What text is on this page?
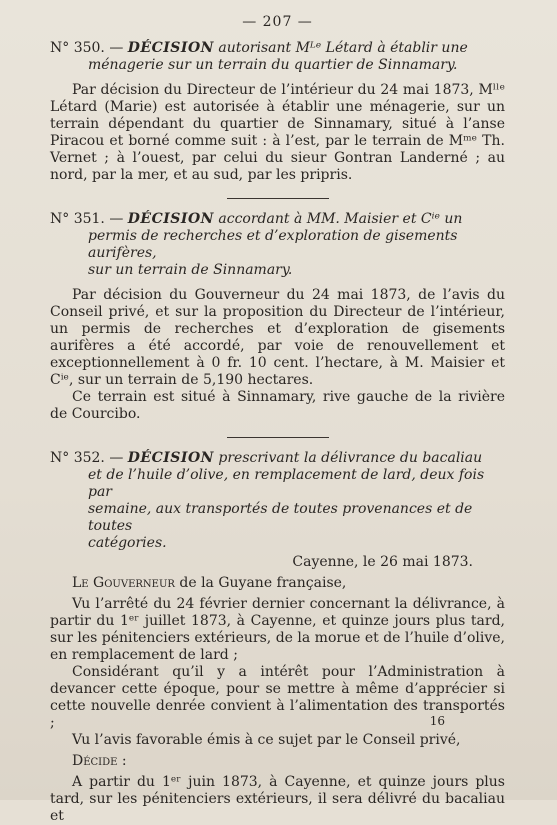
— 207 —
N° 350. — DÉCISION autorisant Mᴸᵉ Létard à établir une
ménagerie sur un terrain du quartier de Sinnamary.

Par décision du Directeur de l’intérieur du 24 mai 1873, Mˡˡᵉ Létard (Marie) est autorisée à établir une ménagerie, sur un terrain dépendant du quartier de Sinnamary, situé à l’anse Piracou et borné comme suit : à l’est, par le terrain de Mᵐᵉ Th. Vernet ; à l’ouest, par celui du sieur Gontran Landerné ; au nord, par la mer, et au sud, par les pripris.

N° 351. — DÉCISION accordant à MM. Maisier et Cⁱᵉ un
permis de recherches et d’exploration de gisements aurifères,
sur un terrain de Sinnamary.

Par décision du Gouverneur du 24 mai 1873, de l’avis du Conseil privé, et sur la proposition du Directeur de l’intérieur, un permis de recherches et d’exploration de gisements aurifères a été accordé, par voie de renouvellement et exceptionnellement à 0 fr. 10 cent. l’hectare, à M. Maisier et Cⁱᵉ, sur un terrain de 5,190 hectares.

Ce terrain est situé à Sinnamary, rive gauche de la rivière de Courcibo.

N° 352. — DÉCISION prescrivant la délivrance du bacaliau
et de l’huile d’olive, en remplacement de lard, deux fois par
semaine, aux transportés de toutes provenances et de toutes
catégories.

Cayenne, le 26 mai 1873.

Le Gouverneur de la Guyane française,

Vu l’arrêté du 24 février dernier concernant la délivrance, à partir du 1ᵉʳ juillet 1873, à Cayenne, et quinze jours plus tard, sur les pénitenciers extérieurs, de la morue et de l’huile d’olive, en remplacement de lard ;

Considérant qu’il y a intérêt pour l’Administration à devancer cette époque, pour se mettre à même d’apprécier si cette nouvelle denrée convient à l’alimentation des transportés ;

Vu l’avis favorable émis à ce sujet par le Conseil privé,

Décide :

A partir du 1ᵉʳ juin 1873, à Cayenne, et quinze jours plus tard, sur les pénitenciers extérieurs, il sera délivré du bacaliau et

16
